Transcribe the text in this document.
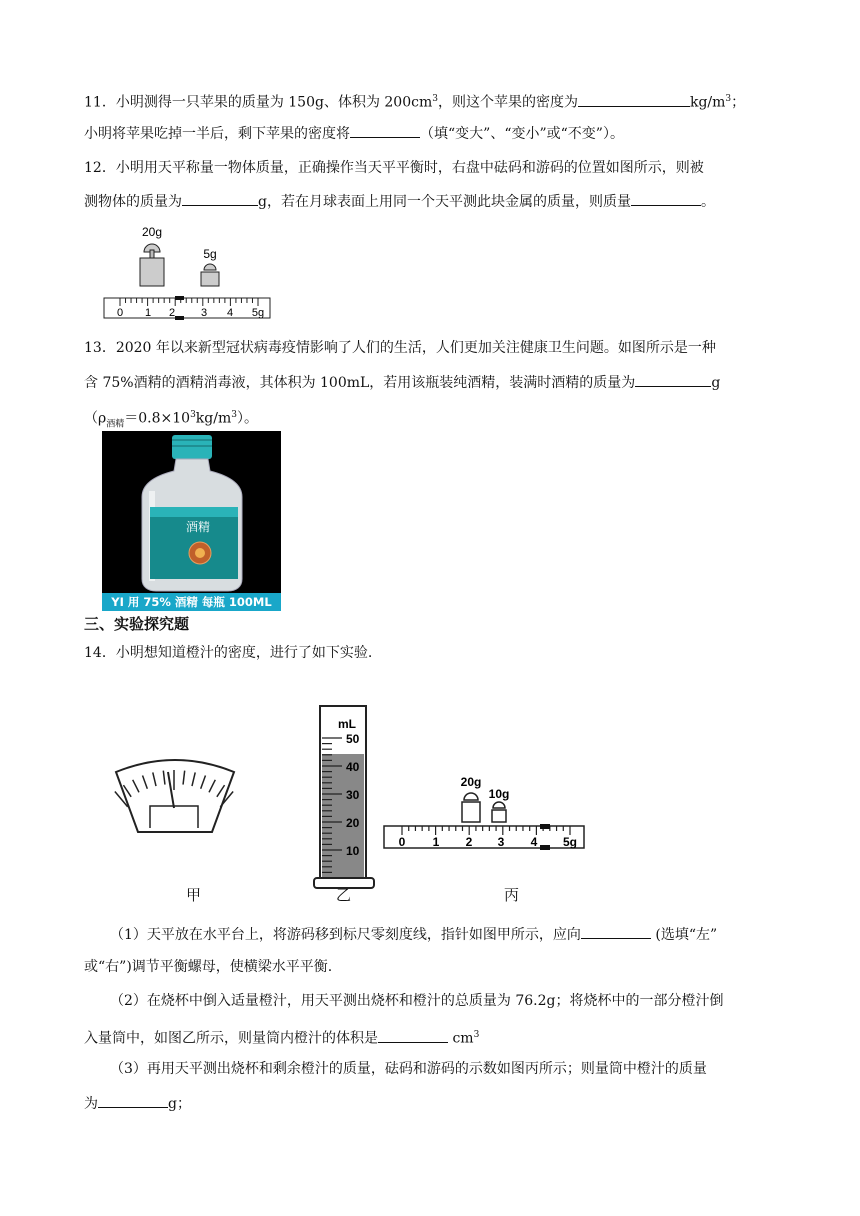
11．小明测得一只苹果的质量为 150g、体积为 $200cm^3$，则这个苹果的密度为	$kg/m^3$；
小明将苹果吃掉一半后，剩下苹果的密度将	（填“变大”、“变小”或“不变”）。
12．小明用天平称量一物体质量，正确操作当天平平衡时，右盘中砝码和游码的位置如图所示，则被
测物体的质量为	g，若在月球表面上用同一个天平测此块金属的质量，则质量	。
20g
5g
0 1 2 3 4 5g
13．2020 年以来新型冠状病毒疫情影响了人们的生活，人们更加关注健康卫生问题。如图所示是一种
含 75%酒精的酒精消毒液，其体积为 100mL，若用该瓶装纯酒精，装满时酒精的质量为	g
$(\rho_{酒精}=0.8\times 10^3kg/m^3)$。
酒精
YI 用 75% 酒精 每瓶 100ML
三、实验探究题
14．小明想知道橙汁的密度，进行了如下实验.
mL
50
40
30
20
10
20g
10g
0 1 2 3 4 5g
甲	乙	丙
（1）天平放在水平台上，将游码移到标尺零刻度线，指针如图甲所示，应向	(选填“左”
或“右”)调节平衡螺母，使横梁水平平衡.
（2）在烧杯中倒入适量橙汁，用天平测出烧杯和橙汁的总质量为 76.2g；将烧杯中的一部分橙汁倒
入量筒中，如图乙所示，则量筒内橙汁的体积是	$cm^3$
（3）再用天平测出烧杯和剩余橙汁的质量，砝码和游码的示数如图丙所示；则量筒中橙汁的质量
为	g；
